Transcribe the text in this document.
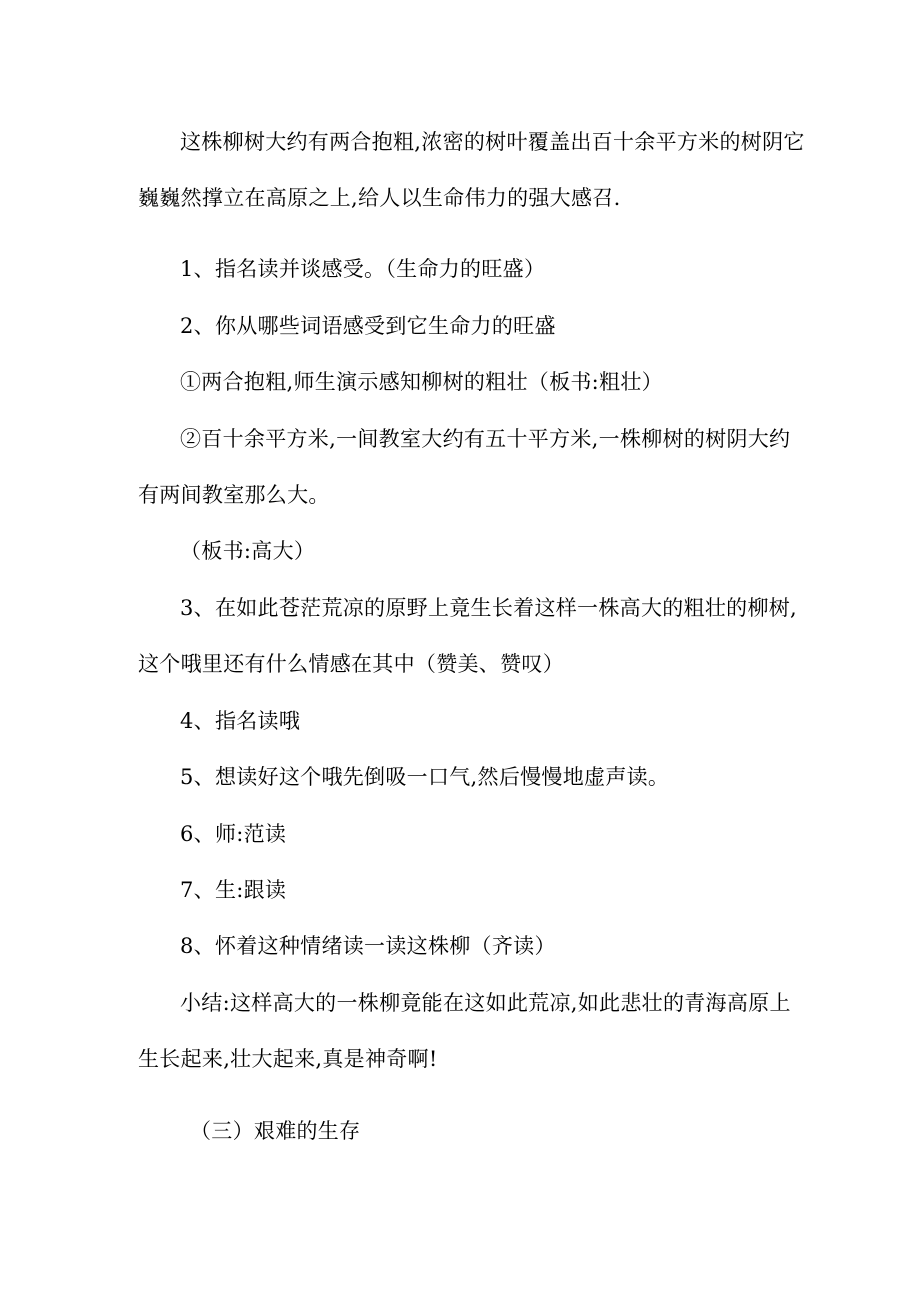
这株柳树大约有两合抱粗,浓密的树叶覆盖出百十余平方米的树阴它

巍巍然撑立在高原之上,给人以生命伟力的强大感召.

1、指名读并谈感受。（生命力的旺盛）

2、你从哪些词语感受到它生命力的旺盛

①两合抱粗,师生演示感知柳树的粗壮（板书:粗壮）

②百十余平方米,一间教室大约有五十平方米,一株柳树的树阴大约

有两间教室那么大。

（板书:高大）

3、在如此苍茫荒凉的原野上竟生长着这样一株高大的粗壮的柳树,

这个哦里还有什么情感在其中（赞美、赞叹）

4、指名读哦

5、想读好这个哦先倒吸一口气,然后慢慢地虚声读。

6、师:范读

7、生:跟读

8、怀着这种情绪读一读这株柳（齐读）

小结:这样高大的一株柳竟能在这如此荒凉,如此悲壮的青海高原上

生长起来,壮大起来,真是神奇啊!

（三）艰难的生存
